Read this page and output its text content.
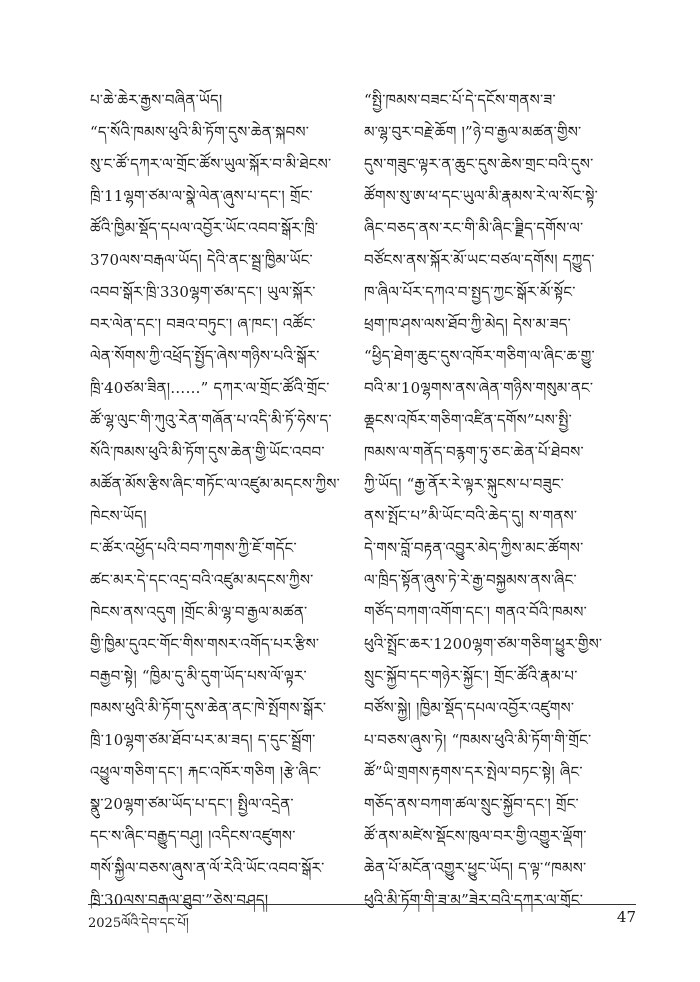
པ་ཆེ་ཆེར་རྒྱས་བཞིན་ཡོད།
“ད་སོའི་ཁམས་ཕུའི་མི་ཏོག་དུས་ཆེན་སྐབས་
སུ་ང་ཚོ་དཀར་ལ་གྲོང་ཚོས་ཡུལ་སྐོར་བ་མི་ཐེངས་
ཁྲི་11ལྷག་ཙམ་ལ་སྣེ་ལེན་ཞུས་པ་དང་། གྲོང་
ཚོའི་ཁྱིམ་སྡོད་དཔལ་འབྱོར་ཡོང་འབབ་སྒོར་ཁྲི་
370ལས་བརྒལ་ཡོད། དེའི་ནང་སྦྲ་ཁྱིམ་ཡོང་
འབབ་སྒོར་ཁྲི་330ལྷག་ཙམ་དང་། ཡུལ་སྐོར་
བར་ལེན་དང་། བཟའ་བཏུང་། ཞ་ཁང་། འཚོང་
ལེན་སོགས་ཀྱི་འཕྲོད་སྤྱོད་ཞེས་གཉིས་པའི་སྒོར་
ཁྲི་40ཙམ་ཟིན།……” དཀར་ལ་གྲོང་ཚོའི་གྲོང་
ཚོ་ལྷ་ལུང་གི་ཀུའུ་རེན་གཞོན་པ་འདི་མི་ཏོ་ཧེས་ད་
སོའི་ཁམས་ཕུའི་མི་ཏོག་དུས་ཆེན་གྱི་ཡོང་འབབ་
མཚོན་མོས་རྩིས་ཞིང་གཏོང་ལ་འཛུམ་མདངས་ཀྱིས་
ཁེངས་ཡོད།
ང་ཚོར་འཕྱོད་པའི་བབ་ཀགས་ཀྱི་ཇོ་གདོང་
ཚང་མར་དེ་དང་འདྲ་བའི་འཛུམ་མདངས་ཀྱིས་
ཁེངས་ནས་འདུག །གྲོང་མི་ལྷ་བ་རྒྱལ་མཚན་
གྱི་ཁྱིམ་དུའང་གོང་གིས་གསར་འགོད་པར་རྩིས་
བརྒྱབ་སྟེ། “ཁྱིམ་དུ་མི་དུག་ཡོད་པས་ལོ་ལྟར་
ཁམས་ཕུའི་མི་ཏོག་དུས་ཆེན་ནང་ཁེ་སྤོགས་སྒོར་
ཁྲི་10ལྷག་ཙམ་ཐོབ་པར་མ་ཟད། ད་དུང་སྦྲོག་
འཕྱུལ་གཅིག་དང་། རྐང་འཁོར་གཅིག །རྩེ་ཞིང་
སྣུ་20ལྷག་ཙམ་ཡོད་པ་དང་། སྤྱིལ་འདྲེན་
དང་ས་ཞིང་བརྒྱུད་བཤུ། །འདིངས་འཛུགས་
གསོ་སྐྱིལ་བཅས་ཞུས་ན་ལོ་རེའི་ཡོང་འབབ་སྒོར་
ཁྲི་30ལས་བརྒལ་ཐུབ་”ཅེས་བཤད།
“སྤྱི་ཁམས་བཟང་པོ་དེ་དངོས་གནས་ཟ་
མ་ལྷ་བུར་བརྗེ་ཆོག །”ཉེ་བ་རྒྱལ་མཚན་གྱིས་
དུས་གཟུང་ལྟར་ན་ཆུང་དུས་ཆེས་གྲང་བའི་དུས་
ཚོགས་སུ་ཨ་ཕ་དང་ཡུལ་མི་རྣམས་རེ་ལ་སོང་སྟེ་
ཞིང་བཅད་ནས་རང་གི་མི་ཞིང་ཟྗིད་དགོས་ལ་
བཙོངས་ནས་སྐོར་མོ་ཡང་བཙལ་དགོས། དཀྱུད་
ཁ་ཞིལ་པོར་དཀའ་བ་སྤྱད་ཀྱང་སྒོར་མོ་སྟོང་
ཕྲག་ཁ་ཤས་ལས་ཐོབ་ཀྱི་མེད། དེས་མ་ཟད་
“ཕྱིད་ཐེག་ཆུང་དུས་འཁོར་གཅིག་ལ་ཞིང་ཆ་གྱུ་
བའི་མ་10ལྷགས་ནས་ཞེན་གཉིས་གསུམ་ནང་
ཆྡངས་འཁོར་གཅིག་འཛིན་དགོས”པས་སྤྱི་
ཁམས་ལ་གནོད་བརྙག་ཏུ་ཅང་ཆེན་པོ་ཐེབས་
ཀྱི་ཡོད། “རྒྱ་ནོར་རེ་ལྟར་སྐུངས་པ་བཟུང་
ནས་སྤོང་པ”མི་ཡོང་བའི་ཆེད་དུ། ས་གནས་
དེ་གས་བློ་བརྟན་འབྱུར་མེད་ཀྱིས་མང་ཚོགས་
ལ་ཁྲིད་སྟོན་ཞུས་ཏེ་རེ་རྒྱ་བསྐྱམས་ནས་ཞིང་
གཙོད་བཀག་འགོག་དང་། གནའ་བོའི་ཁམས་
ཕུའི་སྤྲོང་ཆར་1200ལྷག་ཙམ་གཅིག་ཕྱུར་གྱིས་
སྲུང་སྐྱོབ་དང་གཉེར་སྐྱོང་། གྲོང་ཚོའི་རྣམ་པ་
བཙོས་སྐྱེ། །ཁྱིམ་སྡོད་དཔལ་འབྱོར་འཛུགས་
པ་བཅས་ཞུས་ཏེ། “ཁམས་ཕུའི་མི་ཏོག་གི་གྲོང་
ཚོ”ཡི་གྲགས་རྟགས་དར་སྤེལ་བཏང་སྟེ། ཞིང་
གཅོད་ནས་བཀག་ཚལ་སྲུང་སྐྱོབ་དང་། གྲོང་
ཚོ་ནས་མཛེས་སྡོངས་ཁུལ་བར་གྱི་འགྱུར་ལྡོག་
ཆེན་པོ་མངོན་འགྱུར་ཕྱུང་ཡོད། ད་ལྟ་“ཁམས་
ཕུའི་མི་ཏོག་གི་ཟ་མ”ཟེར་བའི་དཀར་ལ་གྲོང་
2025ལོའི་དེབ་དང་པོ།	47
